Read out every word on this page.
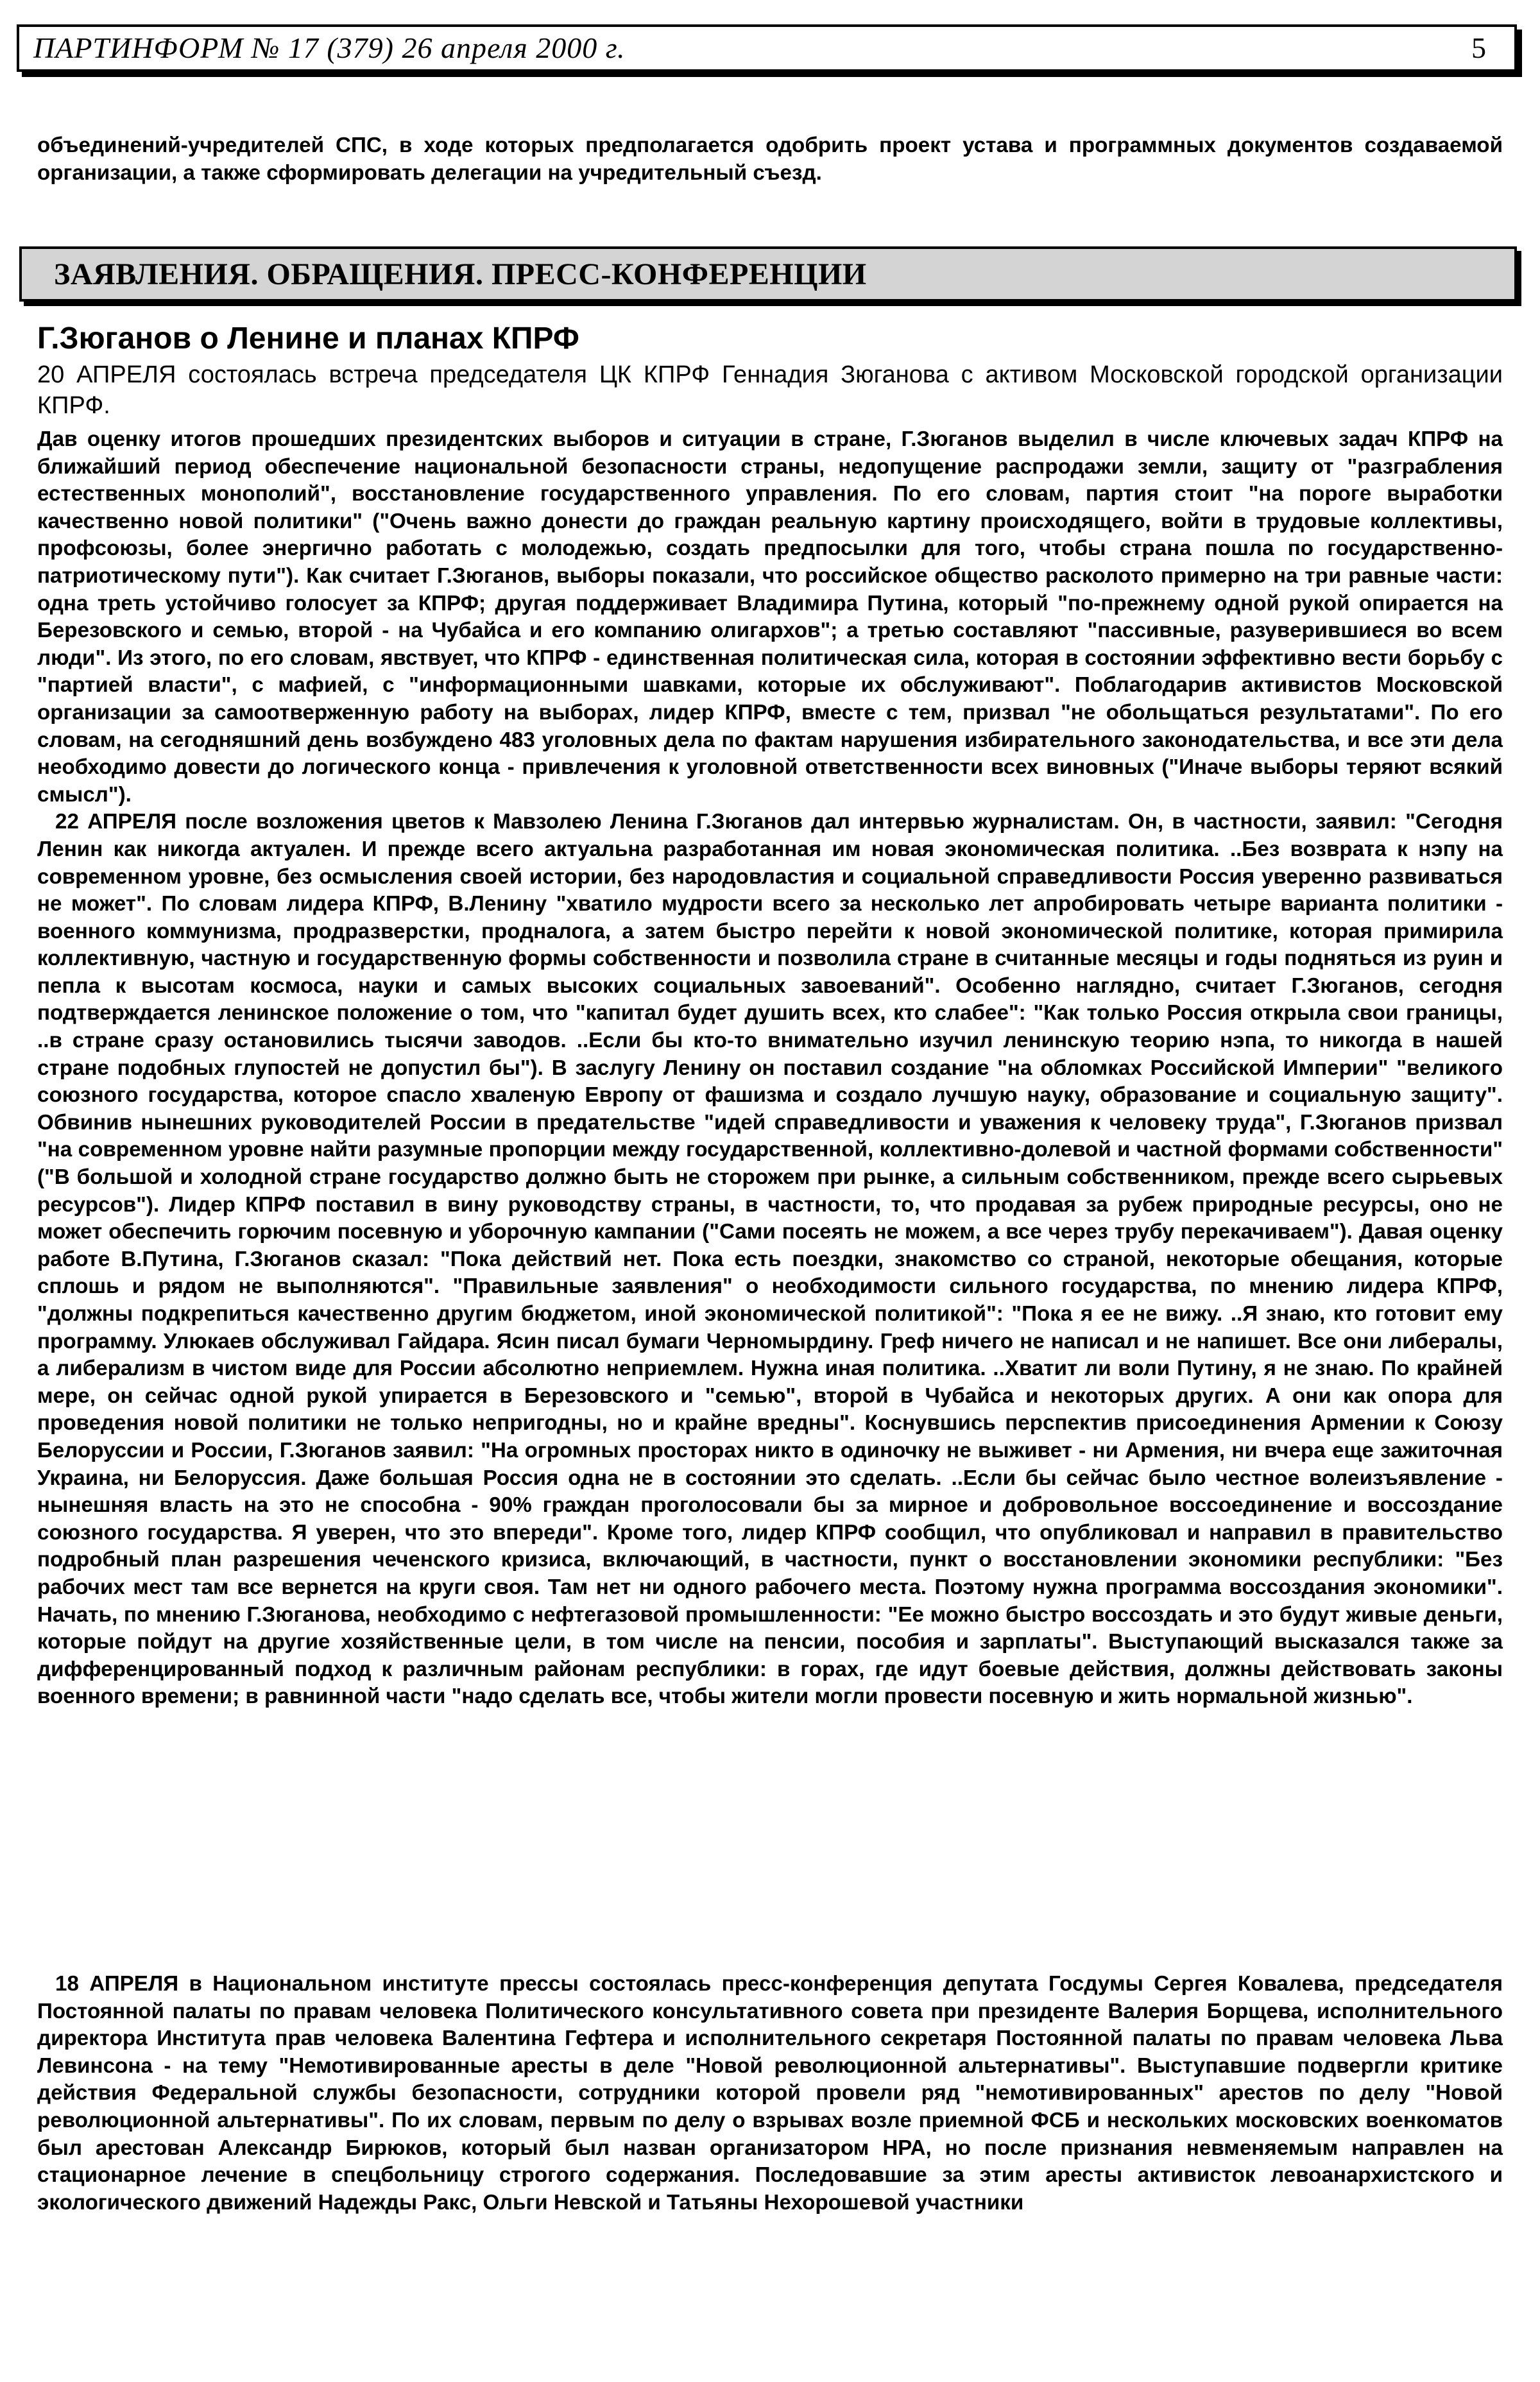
ПАРТИНФОРМ № 17 (379) 26 апреля 2000 г.	5

объединений-учредителей СПС, в ходе которых предполагается одобрить проект устава и программных документов создаваемой организации, а также сформировать делегации на учредительный съезд.

ЗАЯВЛЕНИЯ. ОБРАЩЕНИЯ. ПРЕСС-КОНФЕРЕНЦИИ
Г.Зюганов о Ленине и планах КПРФ
20 АПРЕЛЯ состоялась встреча председателя ЦК КПРФ Геннадия Зюганова с активом Московской городской организации КПРФ.

Дав оценку итогов прошедших президентских выборов и ситуации в стране, Г.Зюганов выделил в числе ключевых задач КПРФ на ближайший период обеспечение национальной безопасности страны, недопущение распродажи земли, защиту от "разграбления естественных монополий", восстановление государственного управления. По его словам, партия стоит "на пороге выработки качественно новой политики" ("Очень важно донести до граждан реальную картину происходящего, войти в трудовые коллективы, профсоюзы, более энергично работать с молодежью, создать предпосылки для того, чтобы страна пошла по государственно-патриотическому пути"). Как считает Г.Зюганов, выборы показали, что российское общество расколото примерно на три равные части: одна треть устойчиво голосует за КПРФ; другая поддерживает Владимира Путина, который "по-прежнему одной рукой опирается на Березовского и семью, второй - на Чубайса и его компанию олигархов"; а третью составляют "пассивные, разуверившиеся во всем люди". Из этого, по его словам, явствует, что КПРФ - единственная политическая сила, которая в состоянии эффективно вести борьбу с "партией власти", с мафией, с "информационными шавками, которые их обслуживают". Поблагодарив активистов Московской организации за самоотверженную работу на выборах, лидер КПРФ, вместе с тем, призвал "не обольщаться результатами". По его словам, на сегодняшний день возбуждено 483 уголовных дела по фактам нарушения избирательного законодательства, и все эти дела необходимо довести до логического конца - привлечения к уголовной ответственности всех виновных ("Иначе выборы теряют всякий смысл").

22 АПРЕЛЯ после возложения цветов к Мавзолею Ленина Г.Зюганов дал интервью журналистам. Он, в частности, заявил: "Сегодня Ленин как никогда актуален. И прежде всего актуальна разработанная им новая экономическая политика. ..Без возврата к нэпу на современном уровне, без осмысления своей истории, без народовластия и социальной справедливости Россия уверенно развиваться не может". По словам лидера КПРФ, В.Ленину "хватило мудрости всего за несколько лет апробировать четыре варианта политики - военного коммунизма, продразверстки, продналога, а затем быстро перейти к новой экономической политике, которая примирила коллективную, частную и государственную формы собственности и позволила стране в считанные месяцы и годы подняться из руин и пепла к высотам космоса, науки и самых высоких социальных завоеваний". Особенно наглядно, считает Г.Зюганов, сегодня подтверждается ленинское положение о том, что "капитал будет душить всех, кто слабее": "Как только Россия открыла свои границы, ..в стране сразу остановились тысячи заводов. ..Если бы кто-то внимательно изучил ленинскую теорию нэпа, то никогда в нашей стране подобных глупостей не допустил бы"). В заслугу Ленину он поставил создание "на обломках Российской Империи" "великого союзного государства, которое спасло хваленую Европу от фашизма и создало лучшую науку, образование и социальную защиту". Обвинив нынешних руководителей России в предательстве "идей справедливости и уважения к человеку труда", Г.Зюганов призвал "на современном уровне найти разумные пропорции между государственной, коллективно-долевой и частной формами собственности" ("В большой и холодной стране государство должно быть не сторожем при рынке, а сильным собственником, прежде всего сырьевых ресурсов"). Лидер КПРФ поставил в вину руководству страны, в частности, то, что продавая за рубеж природные ресурсы, оно не может обеспечить горючим посевную и уборочную кампании ("Сами посеять не можем, а все через трубу перекачиваем"). Давая оценку работе В.Путина, Г.Зюганов сказал: "Пока действий нет. Пока есть поездки, знакомство со страной, некоторые обещания, которые сплошь и рядом не выполняются". "Правильные заявления" о необходимости сильного государства, по мнению лидера КПРФ, "должны подкрепиться качественно другим бюджетом, иной экономической политикой": "Пока я ее не вижу. ..Я знаю, кто готовит ему программу. Улюкаев обслуживал Гайдара. Ясин писал бумаги Черномырдину. Греф ничего не написал и не напишет. Все они либералы, а либерализм в чистом виде для России абсолютно неприемлем. Нужна иная политика. ..Хватит ли воли Путину, я не знаю. По крайней мере, он сейчас одной рукой упирается в Березовского и "семью", второй в Чубайса и некоторых других. А они как опора для проведения новой политики не только непригодны, но и крайне вредны". Коснувшись перспектив присоединения Армении к Союзу Белоруссии и России, Г.Зюганов заявил: "На огромных просторах никто в одиночку не выживет - ни Армения, ни вчера еще зажиточная Украина, ни Белоруссия. Даже большая Россия одна не в состоянии это сделать. ..Если бы сейчас было честное волеизъявление - нынешняя власть на это не способна - 90% граждан проголосовали бы за мирное и добровольное воссоединение и воссоздание союзного государства. Я уверен, что это впереди". Кроме того, лидер КПРФ сообщил, что опубликовал и направил в правительство подробный план разрешения чеченского кризиса, включающий, в частности, пункт о восстановлении экономики республики: "Без рабочих мест там все вернется на круги своя. Там нет ни одного рабочего места. Поэтому нужна программа воссоздания экономики". Начать, по мнению Г.Зюганова, необходимо с нефтегазовой промышленности: "Ее можно быстро воссоздать и это будут живые деньги, которые пойдут на другие хозяйственные цели, в том числе на пенсии, пособия и зарплаты". Выступающий высказался также за дифференцированный подход к различным районам республики: в горах, где идут боевые действия, должны действовать законы военного времени; в равнинной части "надо сделать все, чтобы жители могли провести посевную и жить нормальной жизнью".

18 АПРЕЛЯ в Национальном институте прессы состоялась пресс-конференция депутата Госдумы Сергея Ковалева, председателя Постоянной палаты по правам человека Политического консультативного совета при президенте Валерия Борщева, исполнительного директора Института прав человека Валентина Гефтера и исполнительного секретаря Постоянной палаты по правам человека Льва Левинсона - на тему "Немотивированные аресты в деле "Новой революционной альтернативы". Выступавшие подвергли критике действия Федеральной службы безопасности, сотрудники которой провели ряд "немотивированных" арестов по делу "Новой революционной альтернативы". По их словам, первым по делу о взрывах возле приемной ФСБ и нескольких московских военкоматов был арестован Александр Бирюков, который был назван организатором НРА, но после признания невменяемым направлен на стационарное лечение в спецбольницу строгого содержания. Последовавшие за этим аресты активисток левоанархистского и экологического движений Надежды Ракс, Ольги Невской и Татьяны Нехорошевой участники
